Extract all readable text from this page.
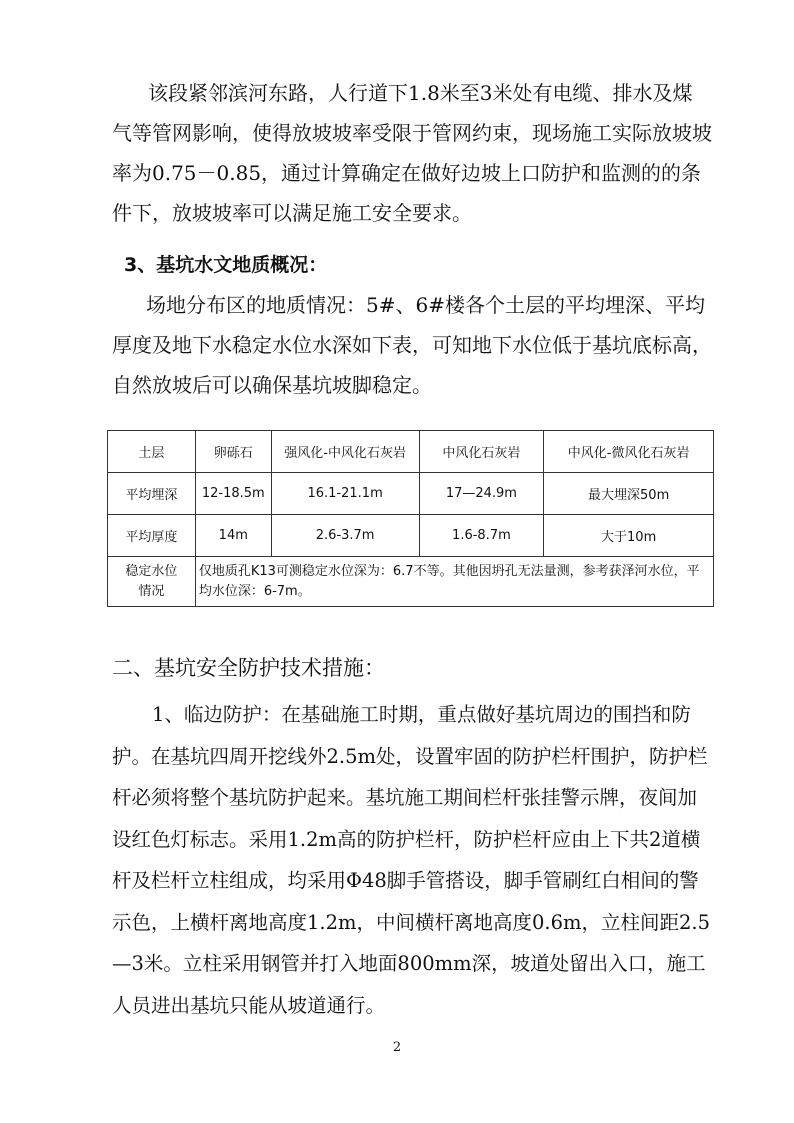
该段紧邻滨河东路，人行道下1.8米至3米处有电缆、排水及煤气等管网影响，使得放坡坡率受限于管网约束，现场施工实际放坡坡率为0.75－0.85，通过计算确定在做好边坡上口防护和监测的的条件下，放坡坡率可以满足施工安全要求。

3、基坑水文地质概况：

场地分布区的地质情况：5#、6#楼各个土层的平均埋深、平均厚度及地下水稳定水位水深如下表，可知地下水位低于基坑底标高，自然放坡后可以确保基坑坡脚稳定。

土层	卵砾石	强风化-中风化石灰岩	中风化石灰岩	中风化-微风化石灰岩
平均埋深	12-18.5m	16.1-21.1m	17—24.9m	最大埋深50m
平均厚度	14m	2.6-3.7m	1.6-8.7m	大于10m
稳定水位
情况	仅地质孔K13可测稳定水位深为：6.7不等。其他因坍孔无法量测，参考获泽河水位，平均水位深：6-7m。			

二、基坑安全防护技术措施：

1、临边防护：在基础施工时期，重点做好基坑周边的围挡和防护。在基坑四周开挖线外2.5m处，设置牢固的防护栏杆围护，防护栏杆必须将整个基坑防护起来。基坑施工期间栏杆张挂警示牌，夜间加设红色灯标志。采用1.2m高的防护栏杆，防护栏杆应由上下共2道横杆及栏杆立柱组成，均采用Φ48脚手管搭设，脚手管刷红白相间的警示色，上横杆离地高度1.2m，中间横杆离地高度0.6m，立柱间距2.5—3米。立柱采用钢管并打入地面800mm深，坡道处留出入口，施工人员进出基坑只能从坡道通行。

2
